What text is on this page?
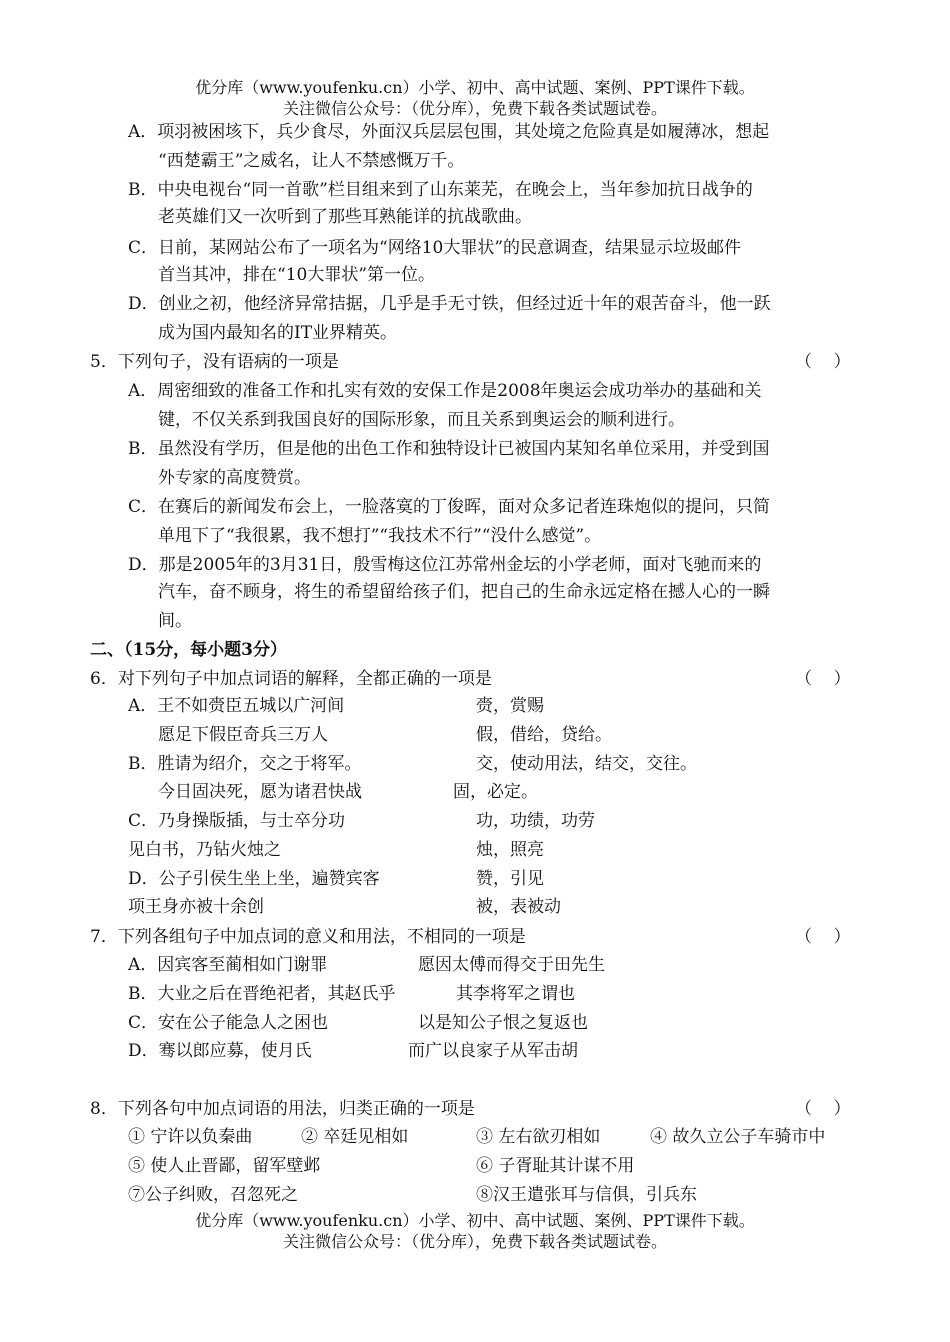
优分库（www.youfenku.cn）小学、初中、高中试题、案例、PPT课件下载。
关注微信公众号：（优分库），免费下载各类试题试卷。
A．项羽被困垓下，兵少食尽，外面汉兵层层包围，其处境之危险真是如履薄冰，想起
“西楚霸王”之威名，让人不禁感慨万千。
B．中央电视台“同一首歌”栏目组来到了山东莱芜，在晚会上，当年参加抗日战争的
老英雄们又一次听到了那些耳熟能详的抗战歌曲。
C．日前，某网站公布了一项名为“网络10大罪状”的民意调查，结果显示垃圾邮件
首当其冲，排在“10大罪状”第一位。
D．创业之初，他经济异常拮据，几乎是手无寸铁，但经过近十年的艰苦奋斗，他一跃
成为国内最知名的IT业界精英。
5．下列句子，没有语病的一项是	（    ）
A．周密细致的准备工作和扎实有效的安保工作是2008年奥运会成功举办的基础和关
键，不仅关系到我国良好的国际形象，而且关系到奥运会的顺利进行。
B．虽然没有学历，但是他的出色工作和独特设计已被国内某知名单位采用，并受到国
外专家的高度赞赏。
C．在赛后的新闻发布会上，一脸落寞的丁俊晖，面对众多记者连珠炮似的提问，只简
单甩下了“我很累，我不想打”“我技术不行”“没什么感觉”。
D．那是2005年的3月31日，殷雪梅这位江苏常州金坛的小学老师，面对飞驰而来的
汽车，奋不顾身，将生的希望留给孩子们，把自己的生命永远定格在撼人心的一瞬
间。
二、（15分，每小题3分）
6．对下列句子中加点词语的解释，全都正确的一项是	（    ）
A．王不如赍臣五城以广河间	赍，赏赐
愿足下假臣奇兵三万人	假，借给，贷给。
B．胜请为绍介，交之于将军。	交，使动用法，结交，交往。
今日固决死，愿为诸君快战	固，必定。
C．乃身操版插，与士卒分功	功，功绩，功劳
见白书，乃钻火烛之	烛，照亮
D．公子引侯生坐上坐，遍赞宾客	赞，引见
项王身亦被十余创	被，表被动
7．下列各组句子中加点词的意义和用法，不相同的一项是	（    ）
A．因宾客至蔺相如门谢罪	愿因太傅而得交于田先生
B．大业之后在晋绝祀者，其赵氏乎	其李将军之谓也
C．安在公子能急人之困也	以是知公子恨之复返也
D．骞以郎应募，使月氏	而广以良家子从军击胡
8．下列各句中加点词语的用法，归类正确的一项是	（    ）
① 宁许以负秦曲	② 卒廷见相如	③ 左右欲刃相如	④ 故久立公子车骑市中
⑤ 使人止晋鄙，留军壁邺	⑥ 子胥耻其计谋不用
⑦公子纠败，召忽死之	⑧汉王遣张耳与信俱，引兵东
优分库（www.youfenku.cn）小学、初中、高中试题、案例、PPT课件下载。
关注微信公众号：（优分库），免费下载各类试题试卷。
